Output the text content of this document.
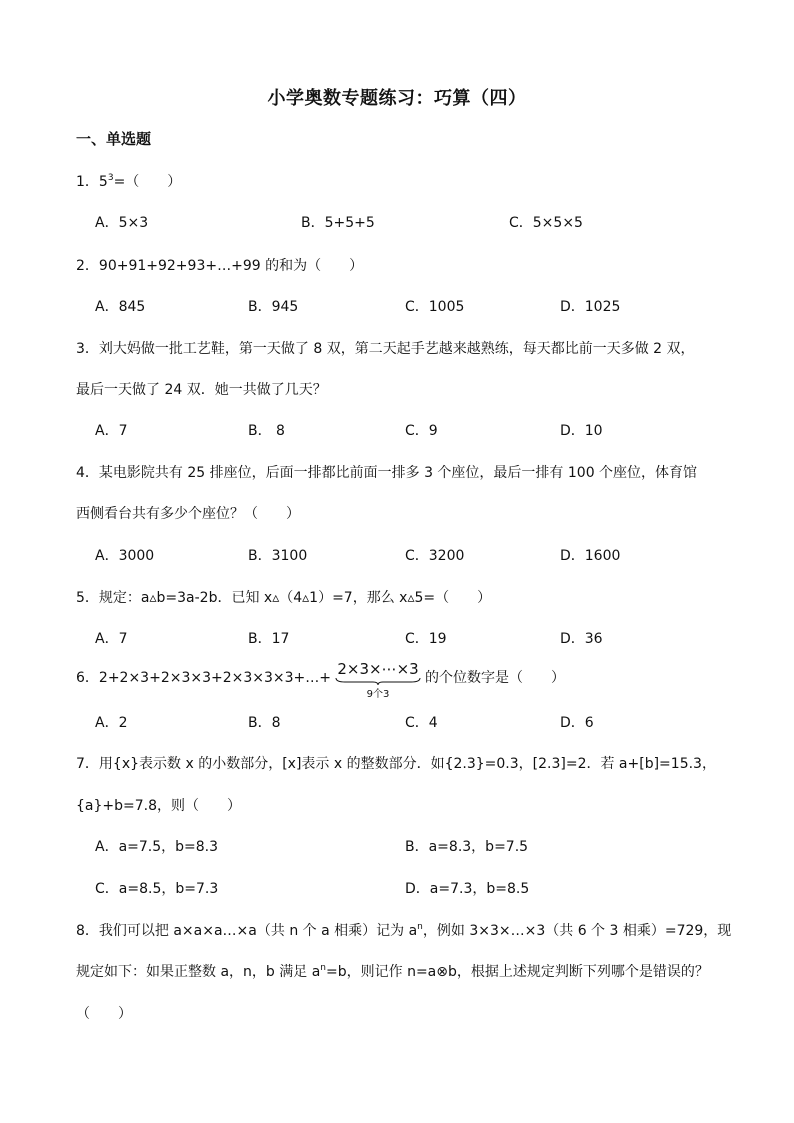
小学奥数专题练习：巧算（四）
一、单选题
1．$5^3=$（　　）
A．5×3	B．5+5+5	C．5×5×5
2．90+91+92+93+…+99 的和为（　　）
A．845	B．945	C．1005	D．1025
3．刘大妈做一批工艺鞋，第一天做了 8 双，第二天起手艺越来越熟练，每天都比前一天多做 2 双，
最后一天做了 24 双．她一共做了几天？
A．7	B． 8	C．9	D．10
4．某电影院共有 25 排座位，后面一排都比前面一排多 3 个座位，最后一排有 100 个座位，体育馆
西侧看台共有多少个座位？（　　）
A．3000	B．3100	C．3200	D．1600
5．规定：a▵b=3a-2b．已知 x▵（4▵1）=7，那么 x▵5=（　　）
A．7	B．17	C．19	D．36
6．2+2×3+2×3×3+2×3×3×3+…+ 2×3×⋯×3
9个3
的个位数字是（　　）
A．2	B．8	C．4	D．6
7．用{x}表示数 x 的小数部分，[x]表示 x 的整数部分．如{2.3}=0.3，[2.3]=2．若 a+[b]=15.3，
{a}+b=7.8，则（　　）
A．a=7.5，b=8.3	B．a=8.3，b=7.5
C．a=8.5，b=7.3	D．a=7.3，b=8.5
8．我们可以把 a×a×a…×a（共 n 个 a 相乘）记为 $a^n$，例如 3×3×…×3（共 6 个 3 相乘）=729，现
规定如下：如果正整数 a，n，b 满足 $a^n=b$，则记作 n=a⊗b，根据上述规定判断下列哪个是错误的？
（　　）
